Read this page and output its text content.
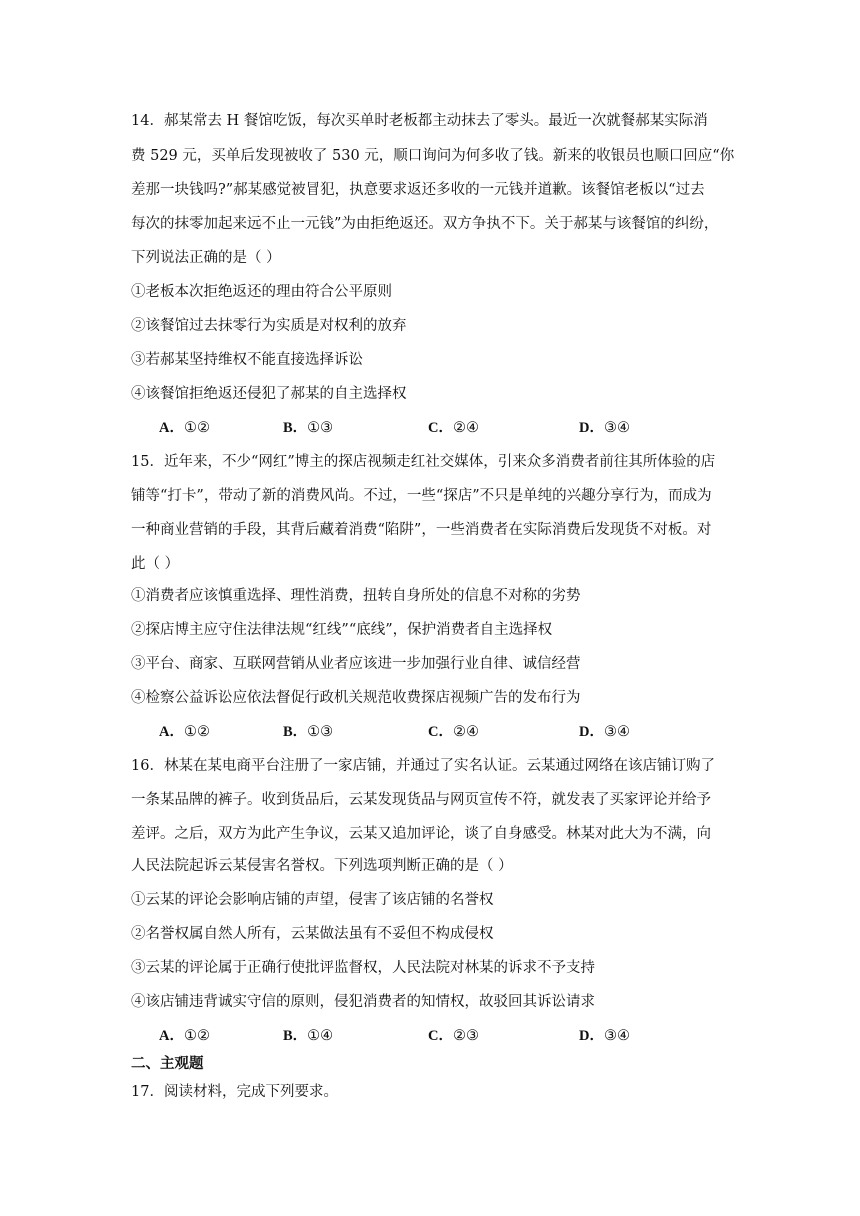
14．郝某常去 H 餐馆吃饭，每次买单时老板都主动抹去了零头。最近一次就餐郝某实际消

费 529 元，买单后发现被收了 530 元，顺口询问为何多收了钱。新来的收银员也顺口回应“你

差那一块钱吗?”郝某感觉被冒犯，执意要求返还多收的一元钱并道歉。该餐馆老板以“过去

每次的抹零加起来远不止一元钱”为由拒绝返还。双方争执不下。关于郝某与该餐馆的纠纷，

下列说法正确的是（ ）

①老板本次拒绝返还的理由符合公平原则

②该餐馆过去抹零行为实质是对权利的放弃

③若郝某坚持维权不能直接选择诉讼

④该餐馆拒绝返还侵犯了郝某的自主选择权

A．①②	B．①③	C．②④	D．③④

15．近年来，不少“网红”博主的探店视频走红社交媒体，引来众多消费者前往其所体验的店

铺等“打卡”，带动了新的消费风尚。不过，一些“探店”不只是单纯的兴趣分享行为，而成为

一种商业营销的手段，其背后藏着消费“陷阱”，一些消费者在实际消费后发现货不对板。对

此（ ）

①消费者应该慎重选择、理性消费，扭转自身所处的信息不对称的劣势

②探店博主应守住法律法规“红线”“底线”，保护消费者自主选择权

③平台、商家、互联网营销从业者应该进一步加强行业自律、诚信经营

④检察公益诉讼应依法督促行政机关规范收费探店视频广告的发布行为

A．①②	B．①③	C．②④	D．③④

16．林某在某电商平台注册了一家店铺，并通过了实名认证。云某通过网络在该店铺订购了

一条某品牌的裤子。收到货品后，云某发现货品与网页宣传不符，就发表了买家评论并给予

差评。之后，双方为此产生争议，云某又追加评论，谈了自身感受。林某对此大为不满，向

人民法院起诉云某侵害名誉权。下列选项判断正确的是（ ）

①云某的评论会影响店铺的声望，侵害了该店铺的名誉权

②名誉权属自然人所有，云某做法虽有不妥但不构成侵权

③云某的评论属于正确行使批评监督权，人民法院对林某的诉求不予支持

④该店铺违背诚实守信的原则，侵犯消费者的知情权，故驳回其诉讼请求

A．①②	B．①④	C．②③	D．③④
二、主观题

17．阅读材料，完成下列要求。
